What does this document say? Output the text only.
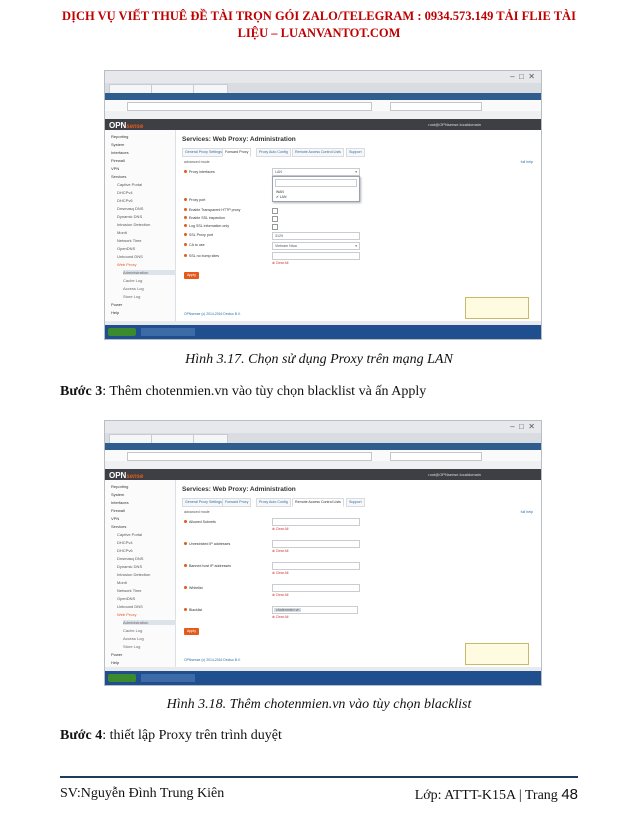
DỊCH VỤ VIẾT THUÊ ĐỀ TÀI TRỌN GÓI ZALO/TELEGRAM : 0934.573.149 TẢI FLIE TÀI
LIỆU – LUANVANTOT.COM
–  □  ✕
OPNsense	root@OPNsense.localdomain
Reporting
System
Interfaces
Firewall
VPN
Services
Captive Portal
DHCPv4
DHCPv6
Dnsmasq DNS
Dynamic DNS
Intrusion Detection
Monit
Network Time
OpenDNS
Unbound DNS
Web Proxy
Administration
Cache Log
Access Log
Store Log
Power
Help
Services: Web Proxy: Administration
General Proxy Settings Forward Proxy	Proxy Auto Config	Remote Access Control Lists	Support
advanced mode	full help
Proxy interfaces	LAN	▾
WAN
✔ LAN
Proxy port
Enable Transparent HTTP proxy
Enable SSL inspection
Log SSL information only
SSL Proxy port	3129
CA to use	Vietnam Ntoa	▾
SSL no bump sites
⊗ Clear All
Apply
OPNsense (c) 2014-2016 Deciso B.V.
Hình 3.17. Chọn sử dụng Proxy trên mạng LAN
Bước 3: Thêm chotenmien.vn vào tùy chọn blacklist và ấn Apply
–  □  ✕
OPNsense	root@OPNsense.localdomain
Reporting
System
Interfaces
Firewall
VPN
Services
Captive Portal
DHCPv4
DHCPv6
Dnsmasq DNS
Dynamic DNS
Intrusion Detection
Monit
Network Time
OpenDNS
Unbound DNS
Web Proxy
Administration
Cache Log
Access Log
Store Log
Power
Help
Services: Web Proxy: Administration
General Proxy Settings Forward Proxy	Proxy Auto Config	Remote Access Control Lists	Support
advanced mode	full help
Allowed Subnets
⊗ Clear All
Unrestricted IP addresses
⊗ Clear All
Banned host IP addresses
⊗ Clear All
Whitelist
⊗ Clear All
Blacklist	chotenmien.vn
⊗ Clear All
Apply
OPNsense (c) 2014-2016 Deciso B.V.
Hình 3.18. Thêm chotenmien.vn vào tùy chọn blacklist
Bước 4: thiết lập Proxy trên trình duyệt
SV:Nguyễn Đình Trung Kiên	Lớp: ATTT-K15A | Trang 48
